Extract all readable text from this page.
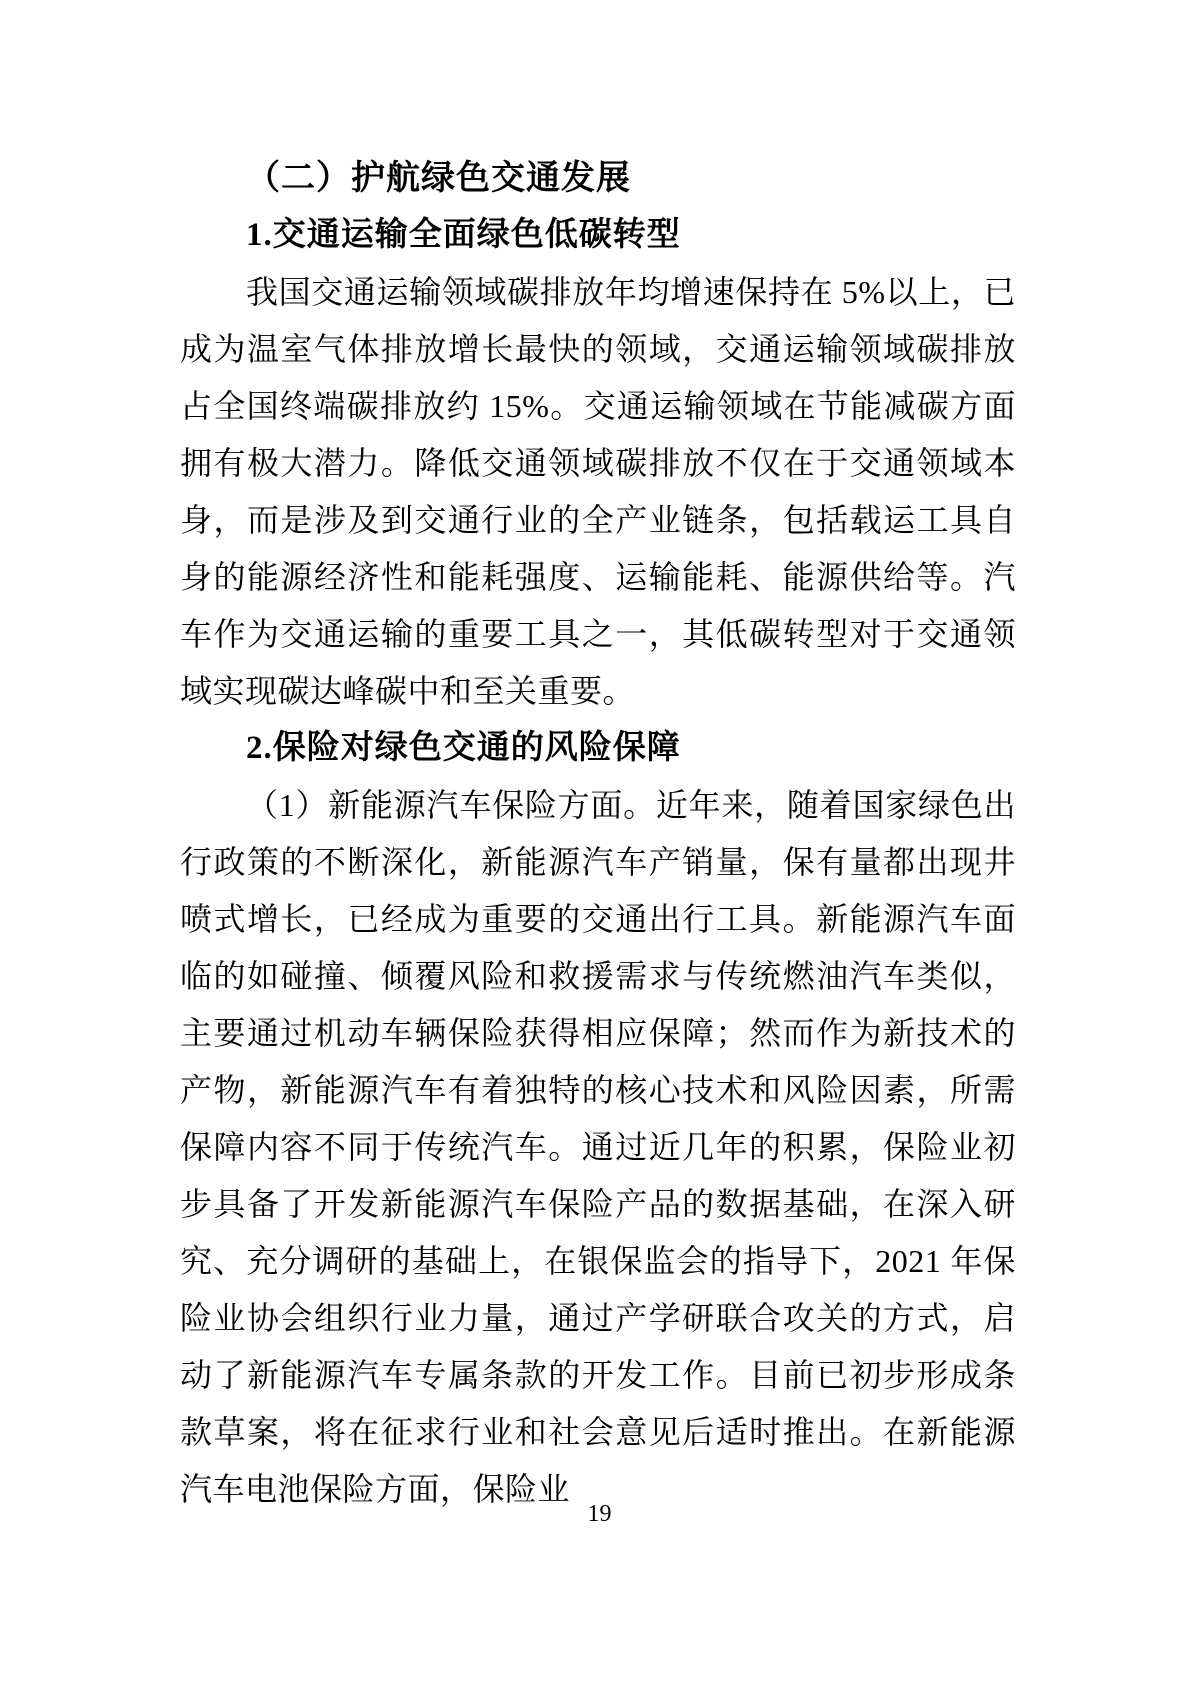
（二）护航绿色交通发展
1.交通运输全面绿色低碳转型

我国交通运输领域碳排放年均增速保持在 5%以上，已成为温室气体排放增长最快的领域，交通运输领域碳排放占全国终端碳排放约 15%。交通运输领域在节能减碳方面拥有极大潜力。降低交通领域碳排放不仅在于交通领域本身，而是涉及到交通行业的全产业链条，包括载运工具自身的能源经济性和能耗强度、运输能耗、能源供给等。汽车作为交通运输的重要工具之一，其低碳转型对于交通领域实现碳达峰碳中和至关重要。

2.保险对绿色交通的风险保障

（1）新能源汽车保险方面。近年来，随着国家绿色出行政策的不断深化，新能源汽车产销量，保有量都出现井喷式增长，已经成为重要的交通出行工具。新能源汽车面临的如碰撞、倾覆风险和救援需求与传统燃油汽车类似，主要通过机动车辆保险获得相应保障；然而作为新技术的产物，新能源汽车有着独特的核心技术和风险因素，所需保障内容不同于传统汽车。通过近几年的积累，保险业初步具备了开发新能源汽车保险产品的数据基础，在深入研究、充分调研的基础上，在银保监会的指导下，2021 年保险业协会组织行业力量，通过产学研联合攻关的方式，启动了新能源汽车专属条款的开发工作。目前已初步形成条款草案，将在征求行业和社会意见后适时推出。在新能源汽车电池保险方面，保险业

19
